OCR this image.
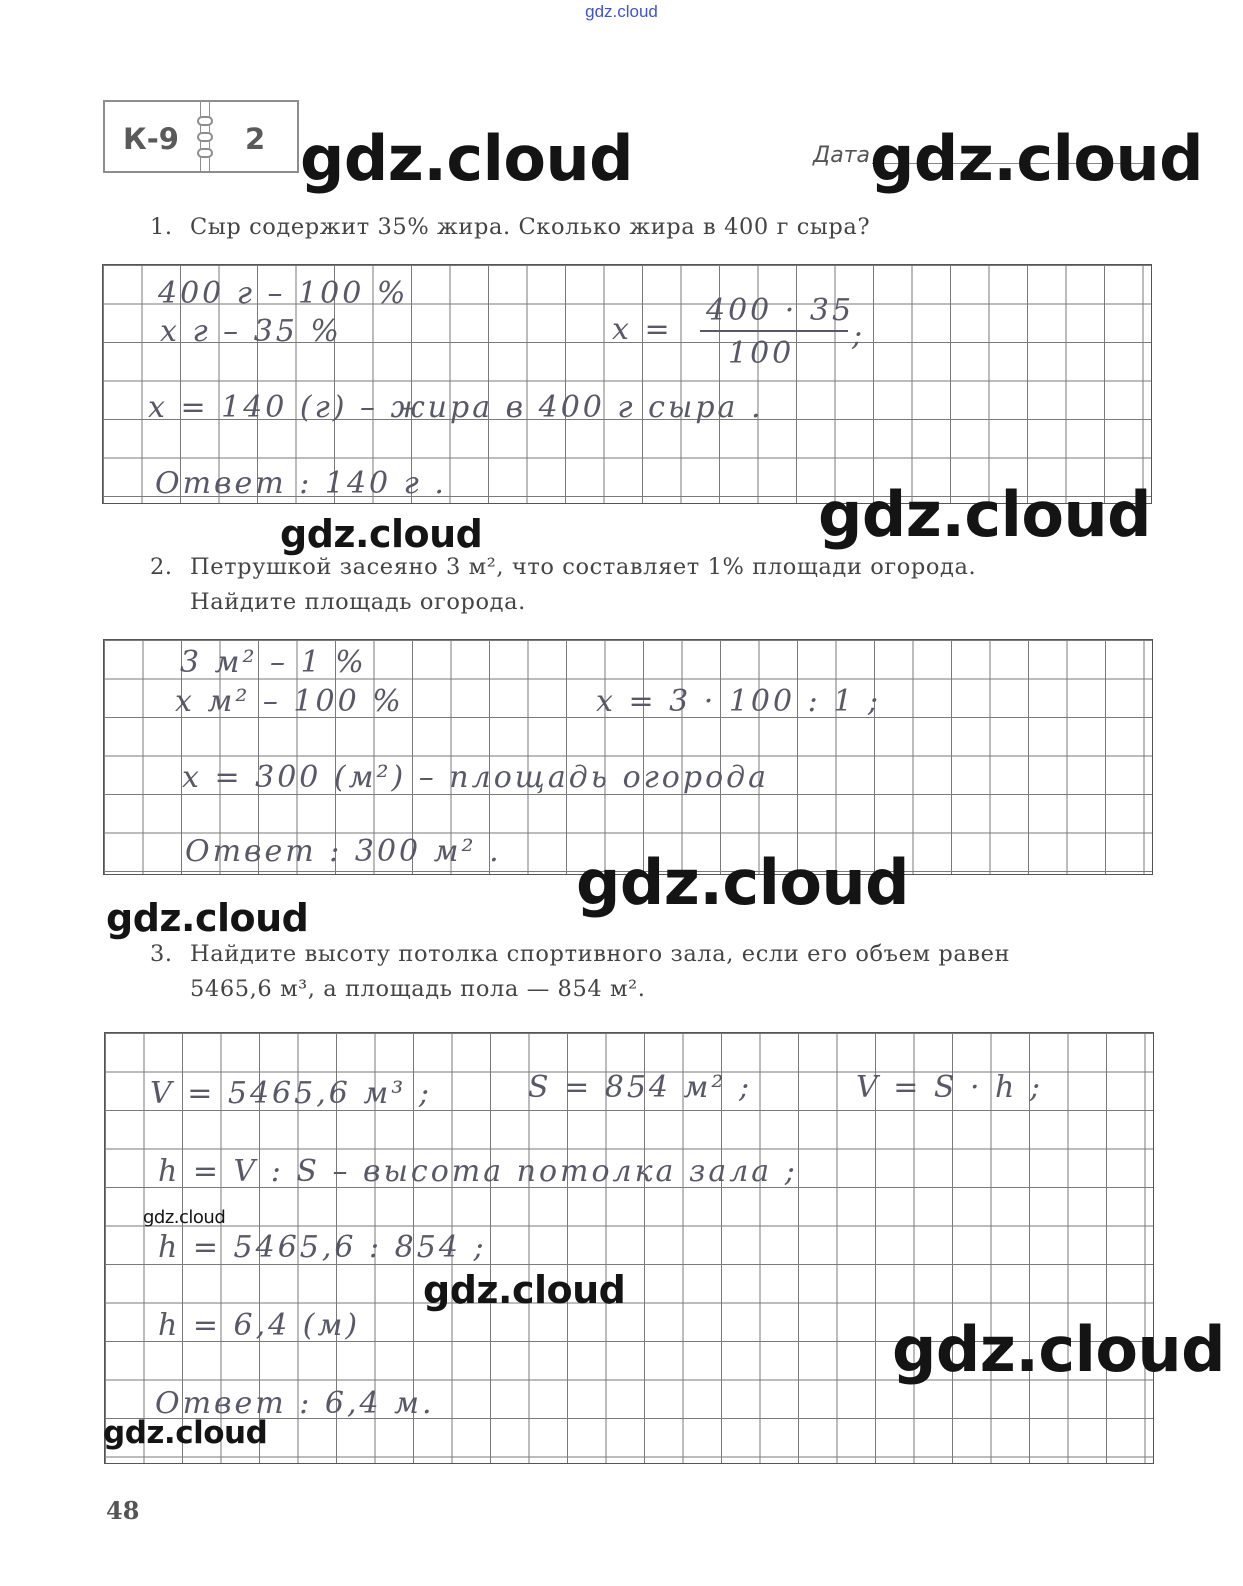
gdz.cloud
К-9 2	Дата
1. Сыр содержит 35% жира. Сколько жира в 400 г сыра?
400 г – 100 %
x г – 35 %	x =
400 · 35
100
;
x = 140 (г) – жира в 400 г сыра .
Ответ : 140 г .
2. Петрушкой засеяно 3 м², что составляет 1% площади огорода.
Найдите площадь огорода.
3 м² – 1 %
x м² – 100 %	x = 3 · 100 : 1 ;
x = 300 (м²) – площадь огорода
Ответ : 300 м² .
3. Найдите высоту потолка спортивного зала, если его объем равен
5465,6 м³, а площадь пола — 854 м².
V = 5465,6 м³ ;	S = 854 м² ;	V = S · h ;
h = V : S – высота потолка зала ;
h = 5465,6 : 854 ;
h = 6,4 (м)
Ответ : 6,4 м.
48
gdz.cloud	gdz.cloud
gdz.cloud
gdz.cloud
gdz.cloud
gdz.cloud
gdz.cloud
gdz.cloud
gdz.cloud
gdz.cloud
